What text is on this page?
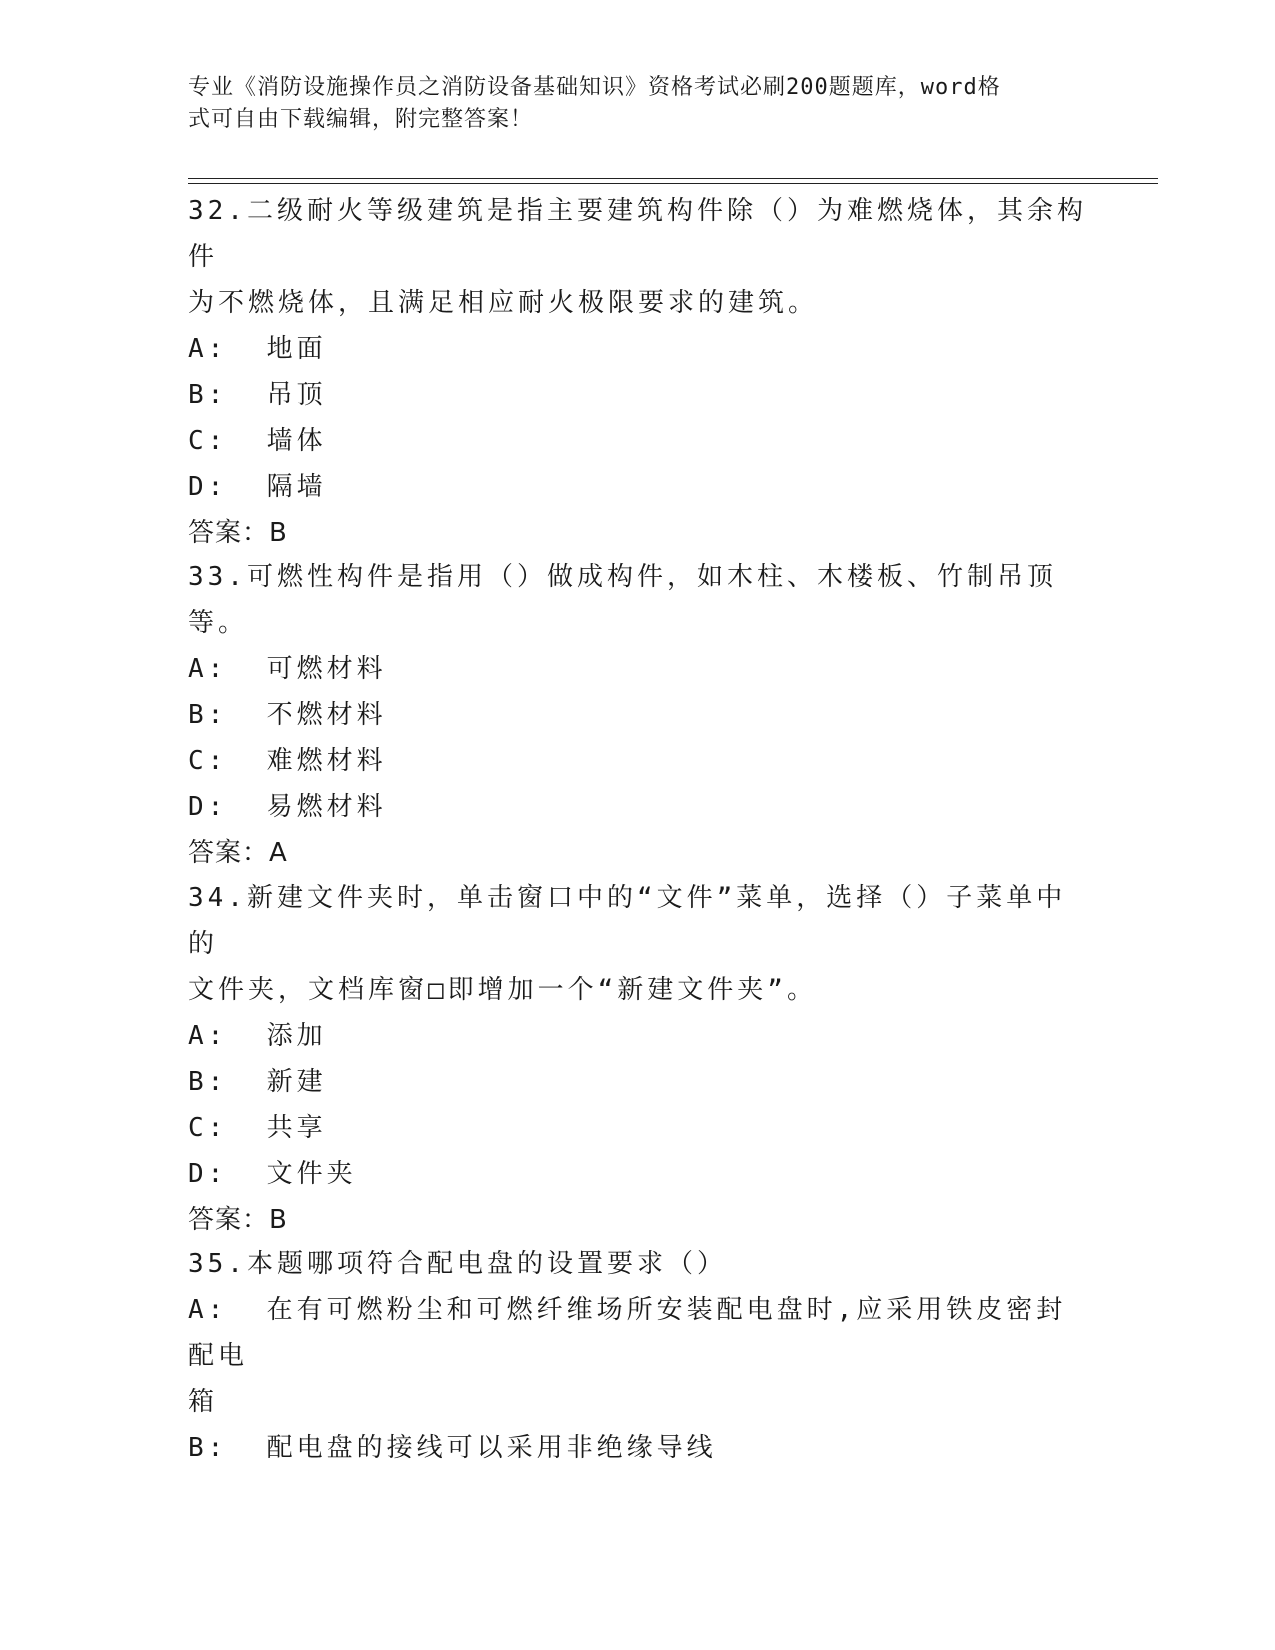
专业《消防设施操作员之消防设备基础知识》资格考试必刷200题题库，word格
式可自由下载编辑，附完整答案！
32.二级耐火等级建筑是指主要建筑构件除（）为难燃烧体，其余构件
为不燃烧体，且满足相应耐火极限要求的建筑。
A:  地面
B:  吊顶
C:  墙体
D:  隔墙
答案：B
33.可燃性构件是指用（）做成构件，如木柱、木楼板、竹制吊顶等。
A:  可燃材料
B:  不燃材料
C:  难燃材料
D:  易燃材料
答案：A
34.新建文件夹时，单击窗口中的“文件”菜单，选择（）子菜单中的
文件夹，文档库窗□即增加一个“新建文件夹”。
A:  添加
B:  新建
C:  共享
D:  文件夹
答案：B
35.本题哪项符合配电盘的设置要求（）
A:  在有可燃粉尘和可燃纤维场所安装配电盘时,应采用铁皮密封配电
箱
B:  配电盘的接线可以采用非绝缘导线
